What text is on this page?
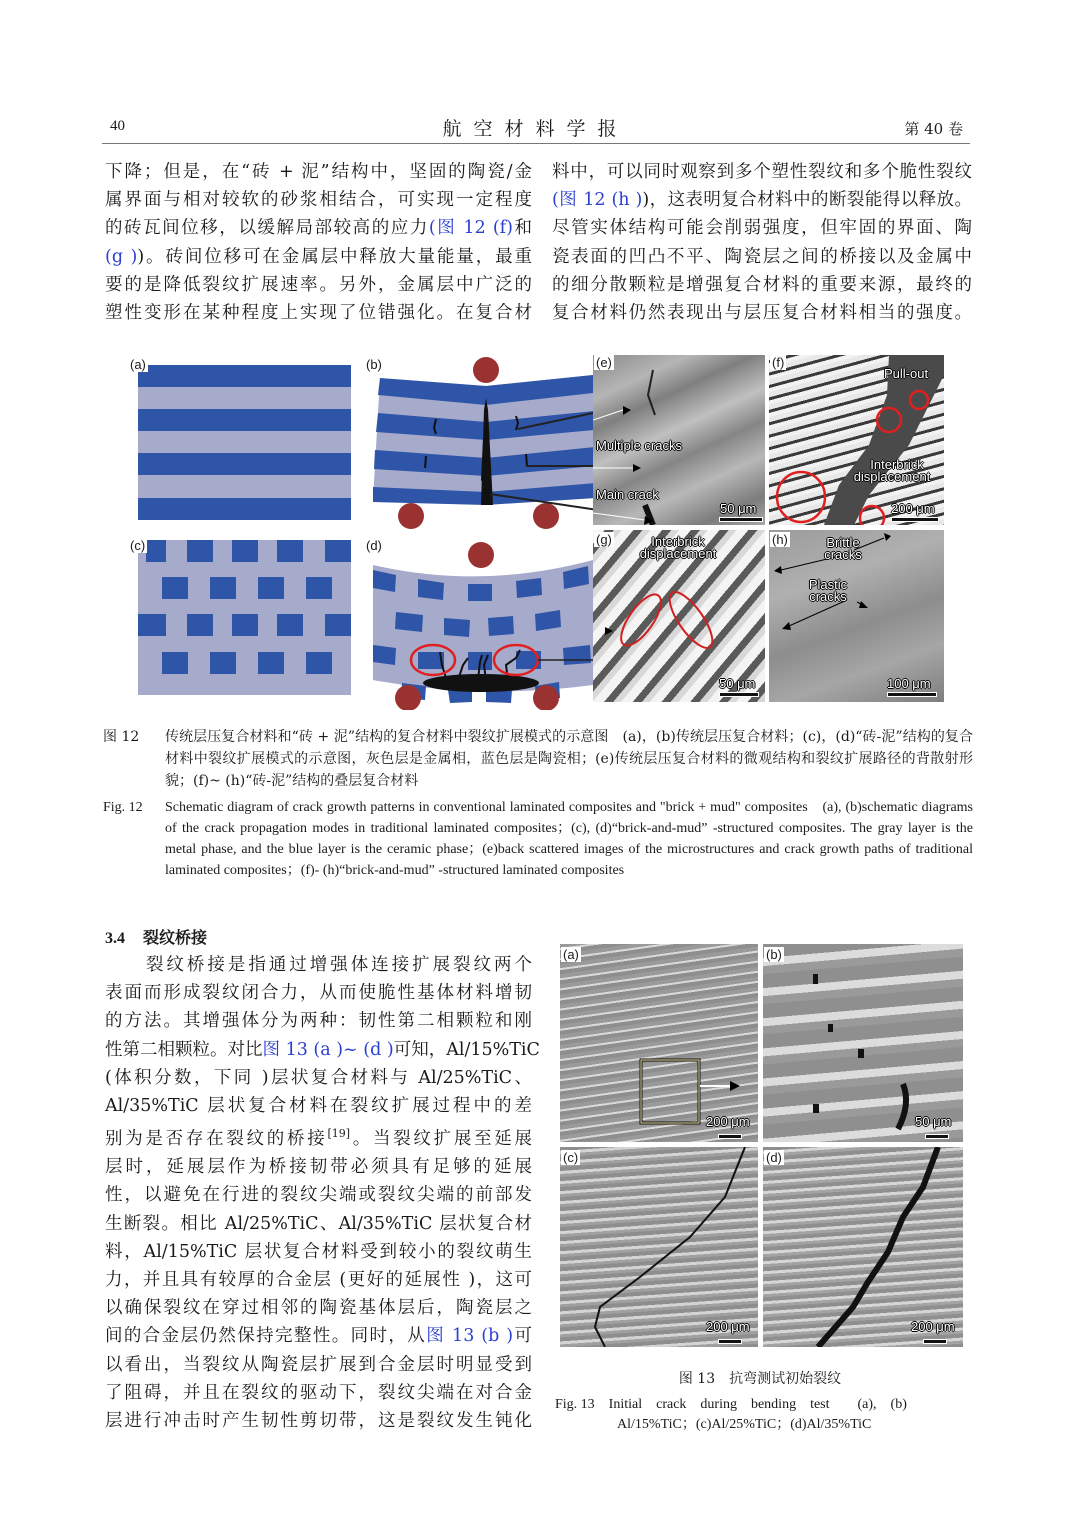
40	航空材料学报	第 40 卷
下降；但是，在“砖 + 泥”结构中，坚固的陶瓷/金
属界面与相对较软的砂浆相结合，可实现一定程度
的砖瓦间位移，以缓解局部较高的应力(图 12 (f)和
(g ))。砖间位移可在金属层中释放大量能量，最重
要的是降低裂纹扩展速率。另外，金属层中广泛的
塑性变形在某种程度上实现了位错强化。在复合材
料中，可以同时观察到多个塑性裂纹和多个脆性裂纹
(图 12 (h ))，这表明复合材料中的断裂能得以释放。
尽管实体结构可能会削弱强度，但牢固的界面、陶
瓷表面的凹凸不平、陶瓷层之间的桥接以及金属中
的细分散颗粒是增强复合材料的重要来源，最终的
复合材料仍然表现出与层压复合材料相当的强度。
(a)	(b)
Multiple cracks
Main crack
50 μm
(e)
Pull-out
Interbrick
displacement
200 μm
(f)
(c)	(d)	Interbrick
displacement
50 μm
(g)	Brittle
cracks
Plastic
cracks
100 μm
(h)
图 12	传统层压复合材料和“砖 + 泥”结构的复合材料中裂纹扩展模式的示意图　(a)，(b)传统层压复合材料；(c)，(d)“砖-泥”结构的复合材料中裂纹扩展模式的示意图，灰色层是金属相，蓝色层是陶瓷相；(e)传统层压复合材料的微观结构和裂纹扩展路径的背散射形貌；(f)~ (h)“砖-泥”结构的叠层复合材料
Fig. 12	Schematic diagram of crack growth patterns in conventional laminated composites and "brick + mud" composites　(a), (b)schematic diagrams of the crack propagation modes in traditional laminated composites；(c), (d)“brick-and-mud” -structured composites. The gray layer is the metal phase, and the blue layer is the ceramic phase；(e)back scattered images of the microstructures and crack growth paths of traditional laminated composites；(f)- (h)“brick-and-mud” -structured laminated composites
3.4 裂纹桥接
　　裂纹桥接是指通过增强体连接扩展裂纹两个
表面而形成裂纹闭合力，从而使脆性基体材料增韧
的方法。其增强体分为两种：韧性第二相颗粒和刚
性第二相颗粒。对比图 13 (a )~ (d )可知，Al/15%TiC
(体积分数，下同 )层状复合材料与 Al/25%TiC、
Al/35%TiC 层状复合材料在裂纹扩展过程中的差
别为是否存在裂纹的桥接[19]。当裂纹扩展至延展
层时，延展层作为桥接韧带必须具有足够的延展
性，以避免在行进的裂纹尖端或裂纹尖端的前部发
生断裂。相比 Al/25%TiC、Al/35%TiC 层状复合材
料，Al/15%TiC 层状复合材料受到较小的裂纹萌生
力，并且具有较厚的合金层 (更好的延展性 )，这可
以确保裂纹在穿过相邻的陶瓷基体层后，陶瓷层之
间的合金层仍然保持完整性。同时，从图 13 (b )可
以看出，当裂纹从陶瓷层扩展到合金层时明显受到
了阻碍，并且在裂纹的驱动下，裂纹尖端在对合金
层进行冲击时产生韧性剪切带，这是裂纹发生钝化
200 μm
(a)
50 μm
(b)
200 μm
(c)
200 μm
(d)
图 13　抗弯测试初始裂纹
Fig. 13　Initial　crack　during　bending　test　　(a),　(b)
Al/15%TiC；(c)Al/25%TiC；(d)Al/35%TiC
